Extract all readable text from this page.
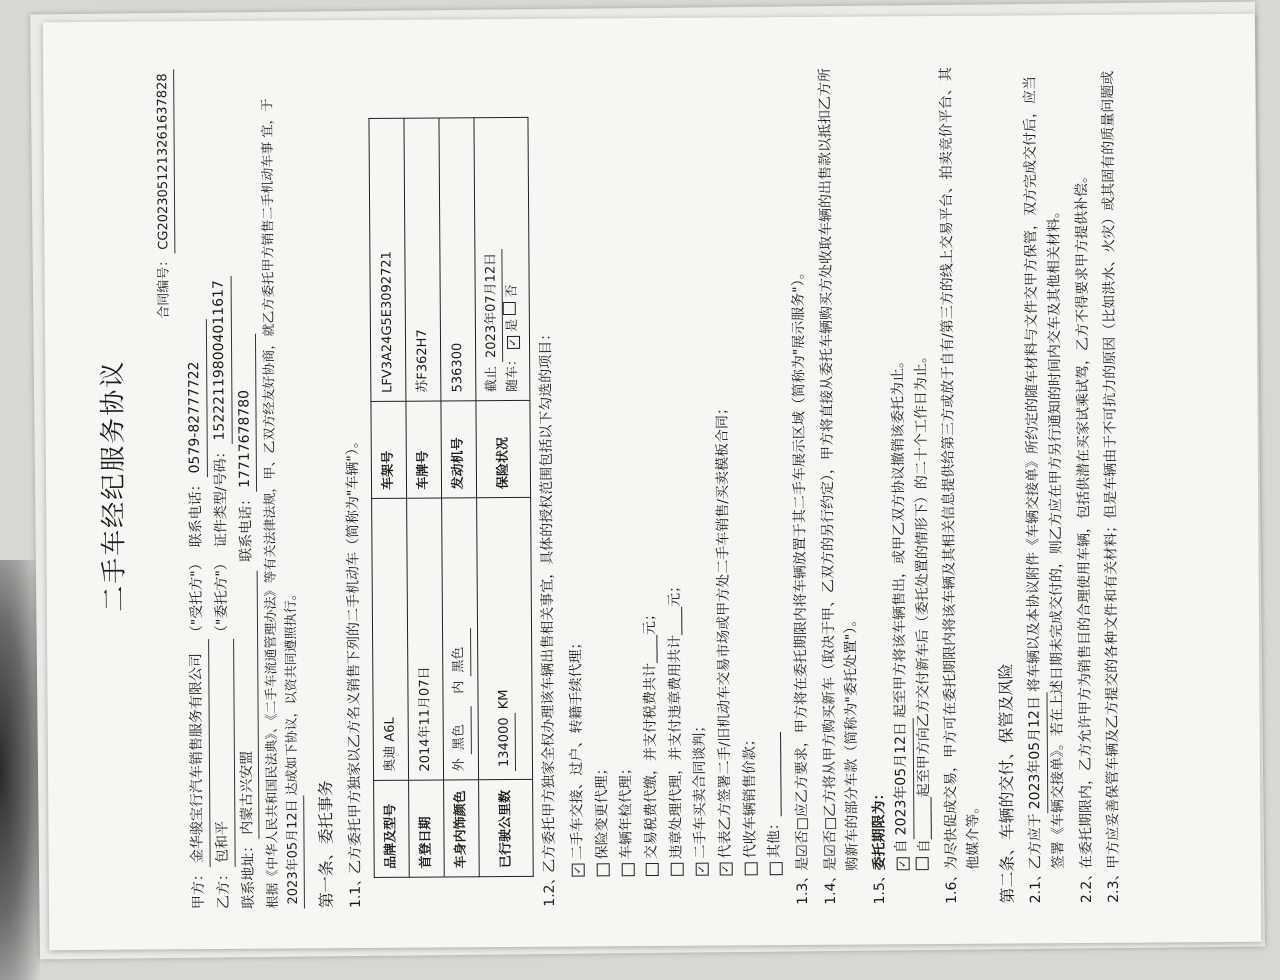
二手车经纪服务协议
合同编号：CG2023051213261637828
甲方：
金华骏宝行汽车销售服务有限公司
（"受托方"）

联系电话：
0579-82777722
乙方：
包和平
（"委托方"）

证件类型/号码：
152221198004011617
联系地址：
内蒙古兴安盟

联系电话：
17717678780 根据《中华人民共和国民法典》、《二手车流通管理办法》等有关法律法规，甲、乙双方经友好协商，就乙方委托甲方销售二手机动车事 宜，于2023年05月12日达成如下协议，以资共同遵照执行。
第一条、委托事务 1.1、
乙方委托甲方独家以乙方名义销售下列的二手机动车（简称为"车辆"）。 品牌及型号	奥迪 A6L	车架号	LFV3A24G5E3092721
首登日期	2014年11月07日	车牌号	苏F362H7
车身内饰颜色	外 黑色   内 黑色	发动机号	536300
已行驶公里数	134000 KM	保险状况	截止 2023年07月12日
随车： ✓是 否
1.2、
乙方委托甲方独家全权办理该车辆出售相关事宜，具体的授权范围包括以下勾选的项目：	✓
二手车交接、过户、转籍手续代理； 保险变更代理； 车辆年检代理； 交易税费代缴，并支付税费共计____元； 违章处理代理，并支付违章费用共计____元；
✓
二手车买卖合同谈判；
✓
代表乙方签署二手/旧机动车交易市场或甲方处二手车销售/买卖模板合同； 代收车辆销售价款； 其他：____________
1.3、
是☑否□应乙方要求，甲方将在委托期限内将车辆放置于其二手车展示区域（简称为"展示服务"）。
1.4、
是☑否□乙方将从甲方购买新车（取决于甲、乙双方的另行约定），甲方将直接从委托车辆购买方处收取车辆的出售款以抵扣乙方所购新车的部分车款（简称为"委托处置"）。
1.5、
委托期限为： ✓自2023年05月12日起至甲方将该车辆售出，或甲乙双方协议撤销该委托为止。 自______起至甲方向乙方交付新车后（委托处置的情形下）的二十个工作日为止。
1.6、
为尽快促成交易，甲方可在委托期限内将该车辆及其相关信息提供给第三方或放于自有/第三方的线上交易平台、拍卖竞价平台、其他媒介等。 第二条、车辆的交付、保管及风险 2.1、
乙方应于2023年05月12日将车辆以及本协议附件《车辆交接单》所约定的随车材料与文件交甲方保管，双方完成交付后，应当签署《车辆交接单》。若在上述日期未完成交付的，则乙方应在甲方另行通知的时间内交车及其他相关材料。
2.2、
在委托期限内，乙方允许甲方为销售目的合理使用车辆，包括供潜在买家试乘试驾，乙方不得要求甲方提供补偿。
2.3、
甲方应妥善保管车辆及乙方提交的各种文件和有关材料；但是车辆由于不可抗力的原因（比如洪水、火灾）或其固有的质量问题或
